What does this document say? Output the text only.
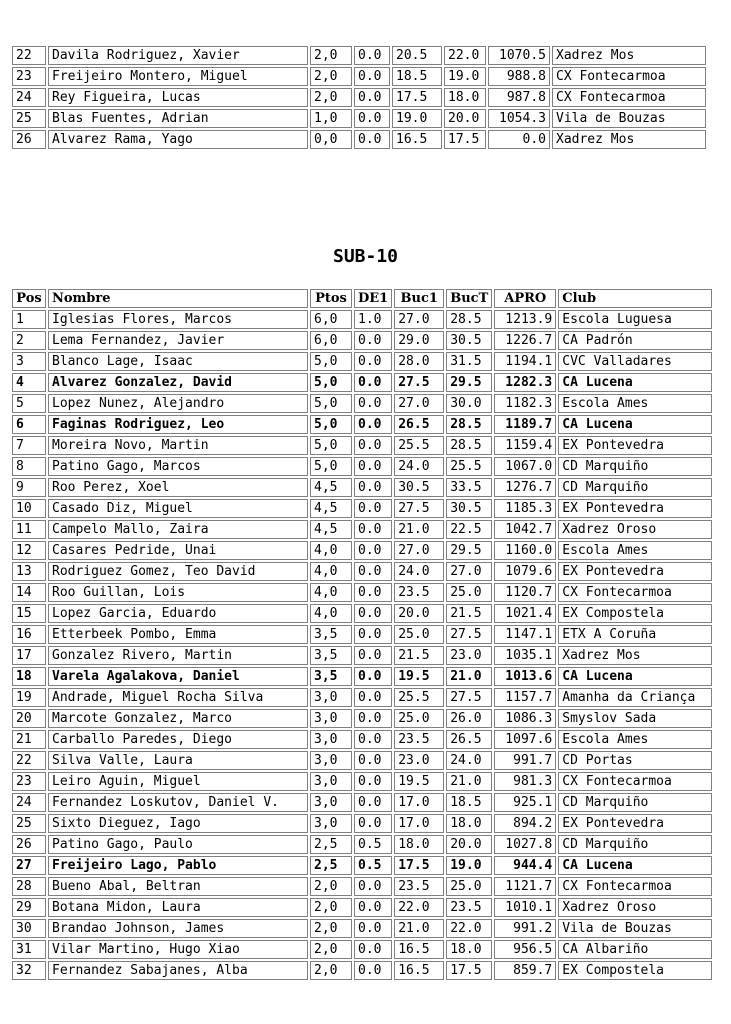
22	Davila Rodriguez, Xavier	2,0	0.0	20.5	22.0	1070.5	Xadrez Mos
23	Freijeiro Montero, Miguel	2,0	0.0	18.5	19.0	988.8	CX Fontecarmoa
24	Rey Figueira, Lucas	2,0	0.0	17.5	18.0	987.8	CX Fontecarmoa
25	Blas Fuentes, Adrian	1,0	0.0	19.0	20.0	1054.3	Vila de Bouzas
26	Alvarez Rama, Yago	0,0	0.0	16.5	17.5	0.0	Xadrez Mos
SUB-10
Pos	Nombre	Ptos	DE1	Buc1	BucT	APRO	Club
1	Iglesias Flores, Marcos	6,0	1.0	27.0	28.5	1213.9	Escola Luguesa
2	Lema Fernandez, Javier	6,0	0.0	29.0	30.5	1226.7	CA Padrón
3	Blanco Lage, Isaac	5,0	0.0	28.0	31.5	1194.1	CVC Valladares
4	Alvarez Gonzalez, David	5,0	0.0	27.5	29.5	1282.3	CA Lucena
5	Lopez Nunez, Alejandro	5,0	0.0	27.0	30.0	1182.3	Escola Ames
6	Faginas Rodriguez, Leo	5,0	0.0	26.5	28.5	1189.7	CA Lucena
7	Moreira Novo, Martin	5,0	0.0	25.5	28.5	1159.4	EX Pontevedra
8	Patino Gago, Marcos	5,0	0.0	24.0	25.5	1067.0	CD Marquiño
9	Roo Perez, Xoel	4,5	0.0	30.5	33.5	1276.7	CD Marquiño
10	Casado Diz, Miguel	4,5	0.0	27.5	30.5	1185.3	EX Pontevedra
11	Campelo Mallo, Zaira	4,5	0.0	21.0	22.5	1042.7	Xadrez Oroso
12	Casares Pedride, Unai	4,0	0.0	27.0	29.5	1160.0	Escola Ames
13	Rodriguez Gomez, Teo David	4,0	0.0	24.0	27.0	1079.6	EX Pontevedra
14	Roo Guillan, Lois	4,0	0.0	23.5	25.0	1120.7	CX Fontecarmoa
15	Lopez Garcia, Eduardo	4,0	0.0	20.0	21.5	1021.4	EX Compostela
16	Etterbeek Pombo, Emma	3,5	0.0	25.0	27.5	1147.1	ETX A Coruña
17	Gonzalez Rivero, Martin	3,5	0.0	21.5	23.0	1035.1	Xadrez Mos
18	Varela Agalakova, Daniel	3,5	0.0	19.5	21.0	1013.6	CA Lucena
19	Andrade, Miguel Rocha Silva	3,0	0.0	25.5	27.5	1157.7	Amanha da Criança
20	Marcote Gonzalez, Marco	3,0	0.0	25.0	26.0	1086.3	Smyslov Sada
21	Carballo Paredes, Diego	3,0	0.0	23.5	26.5	1097.6	Escola Ames
22	Silva Valle, Laura	3,0	0.0	23.0	24.0	991.7	CD Portas
23	Leiro Aguin, Miguel	3,0	0.0	19.5	21.0	981.3	CX Fontecarmoa
24	Fernandez Loskutov, Daniel V.	3,0	0.0	17.0	18.5	925.1	CD Marquiño
25	Sixto Dieguez, Iago	3,0	0.0	17.0	18.0	894.2	EX Pontevedra
26	Patino Gago, Paulo	2,5	0.5	18.0	20.0	1027.8	CD Marquiño
27	Freijeiro Lago, Pablo	2,5	0.5	17.5	19.0	944.4	CA Lucena
28	Bueno Abal, Beltran	2,0	0.0	23.5	25.0	1121.7	CX Fontecarmoa
29	Botana Midon, Laura	2,0	0.0	22.0	23.5	1010.1	Xadrez Oroso
30	Brandao Johnson, James	2,0	0.0	21.0	22.0	991.2	Vila de Bouzas
31	Vilar Martino, Hugo Xiao	2,0	0.0	16.5	18.0	956.5	CA Albariño
32	Fernandez Sabajanes, Alba	2,0	0.0	16.5	17.5	859.7	EX Compostela
